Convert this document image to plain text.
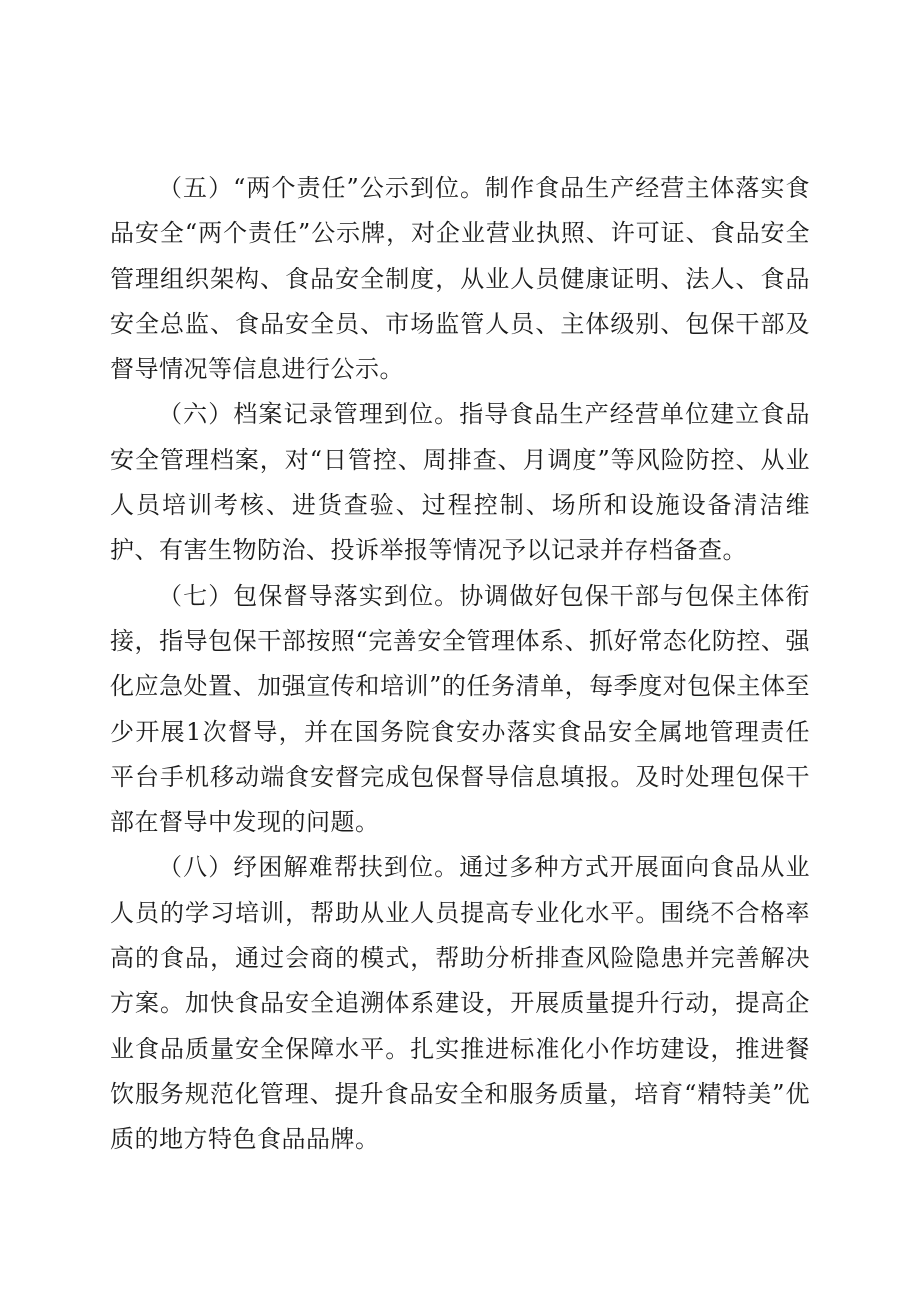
（五）“两个责任”公示到位。制作食品生产经营主体落实食品安全“两个责任”公示牌，对企业营业执照、许可证、食品安全管理组织架构、食品安全制度，从业人员健康证明、法人、食品安全总监、食品安全员、市场监管人员、主体级别、包保干部及督导情况等信息进行公示。

（六）档案记录管理到位。指导食品生产经营单位建立食品安全管理档案，对“日管控、周排查、月调度”等风险防控、从业人员培训考核、进货查验、过程控制、场所和设施设备清洁维护、有害生物防治、投诉举报等情况予以记录并存档备查。

（七）包保督导落实到位。协调做好包保干部与包保主体衔接，指导包保干部按照“完善安全管理体系、抓好常态化防控、强化应急处置、加强宣传和培训”的任务清单，每季度对包保主体至少开展1次督导，并在国务院食安办落实食品安全属地管理责任平台手机移动端食安督完成包保督导信息填报。及时处理包保干部在督导中发现的问题。

（八）纾困解难帮扶到位。通过多种方式开展面向食品从业人员的学习培训，帮助从业人员提高专业化水平。围绕不合格率高的食品，通过会商的模式，帮助分析排查风险隐患并完善解决方案。加快食品安全追溯体系建设，开展质量提升行动，提高企业食品质量安全保障水平。扎实推进标准化小作坊建设，推进餐饮服务规范化管理、提升食品安全和服务质量，培育“精特美”优质的地方特色食品品牌。
